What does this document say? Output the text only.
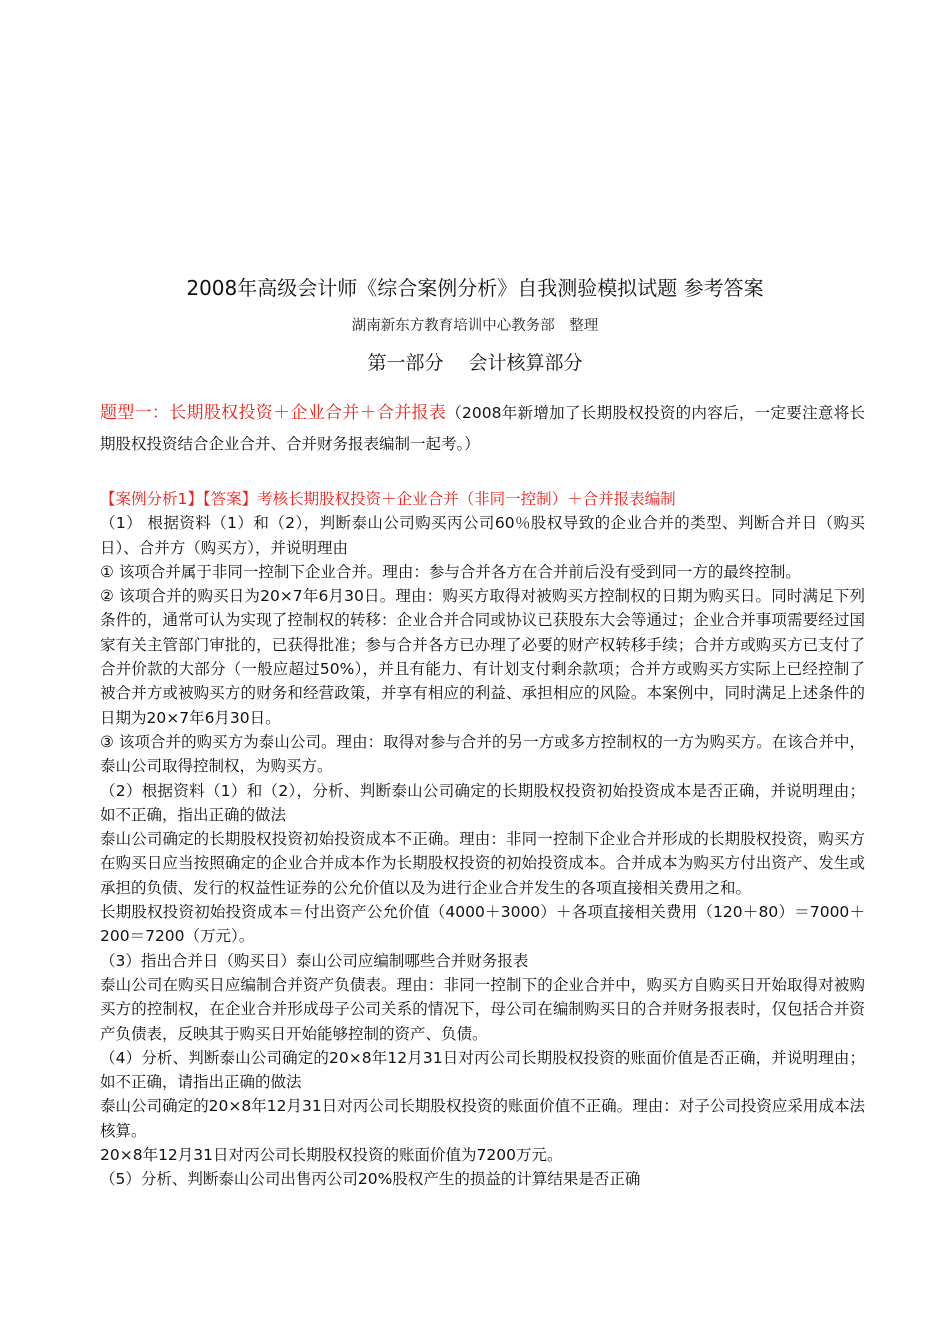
2008年高级会计师《综合案例分析》自我测验模拟试题 参考答案
湖南新东方教育培训中心教务部　整理
第一部分　 会计核算部分
题型一：长期股权投资＋企业合并＋合并报表（2008年新增加了长期股权投资的内容后，一定要注意将长期股权投资结合企业合并、合并财务报表编制一起考。）

【案例分析1】【答案】考核长期股权投资＋企业合并（非同一控制）＋合并报表编制

（1） 根据资料（1）和（2），判断泰山公司购买丙公司60％股权导致的企业合并的类型、判断合并日（购买日）、合并方（购买方），并说明理由

① 该项合并属于非同一控制下企业合并。理由：参与合并各方在合并前后没有受到同一方的最终控制。

② 该项合并的购买日为20×7年6月30日。理由：购买方取得对被购买方控制权的日期为购买日。同时满足下列条件的，通常可认为实现了控制权的转移：企业合并合同或协议已获股东大会等通过；企业合并事项需要经过国家有关主管部门审批的，已获得批准；参与合并各方已办理了必要的财产权转移手续；合并方或购买方已支付了合并价款的大部分（一般应超过50%），并且有能力、有计划支付剩余款项；合并方或购买方实际上已经控制了被合并方或被购买方的财务和经营政策，并享有相应的利益、承担相应的风险。本案例中，同时满足上述条件的日期为20×7年6月30日。

③ 该项合并的购买方为泰山公司。理由：取得对参与合并的另一方或多方控制权的一方为购买方。在该合并中，泰山公司取得控制权，为购买方。

（2）根据资料（1）和（2），分析、判断泰山公司确定的长期股权投资初始投资成本是否正确，并说明理由；如不正确，指出正确的做法

泰山公司确定的长期股权投资初始投资成本不正确。理由：非同一控制下企业合并形成的长期股权投资，购买方在购买日应当按照确定的企业合并成本作为长期股权投资的初始投资成本。合并成本为购买方付出资产、发生或承担的负债、发行的权益性证券的公允价值以及为进行企业合并发生的各项直接相关费用之和。

长期股权投资初始投资成本＝付出资产公允价值（4000＋3000）＋各项直接相关费用（120＋80）＝7000＋200＝7200（万元）。

（3）指出合并日（购买日）泰山公司应编制哪些合并财务报表

泰山公司在购买日应编制合并资产负债表。理由：非同一控制下的企业合并中，购买方自购买日开始取得对被购买方的控制权，在企业合并形成母子公司关系的情况下，母公司在编制购买日的合并财务报表时，仅包括合并资产负债表，反映其于购买日开始能够控制的资产、负债。

（4）分析、判断泰山公司确定的20×8年12月31日对丙公司长期股权投资的账面价值是否正确，并说明理由；如不正确，请指出正确的做法

泰山公司确定的20×8年12月31日对丙公司长期股权投资的账面价值不正确。理由：对子公司投资应采用成本法核算。

20×8年12月31日对丙公司长期股权投资的账面价值为7200万元。

（5）分析、判断泰山公司出售丙公司20%股权产生的损益的计算结果是否正确
